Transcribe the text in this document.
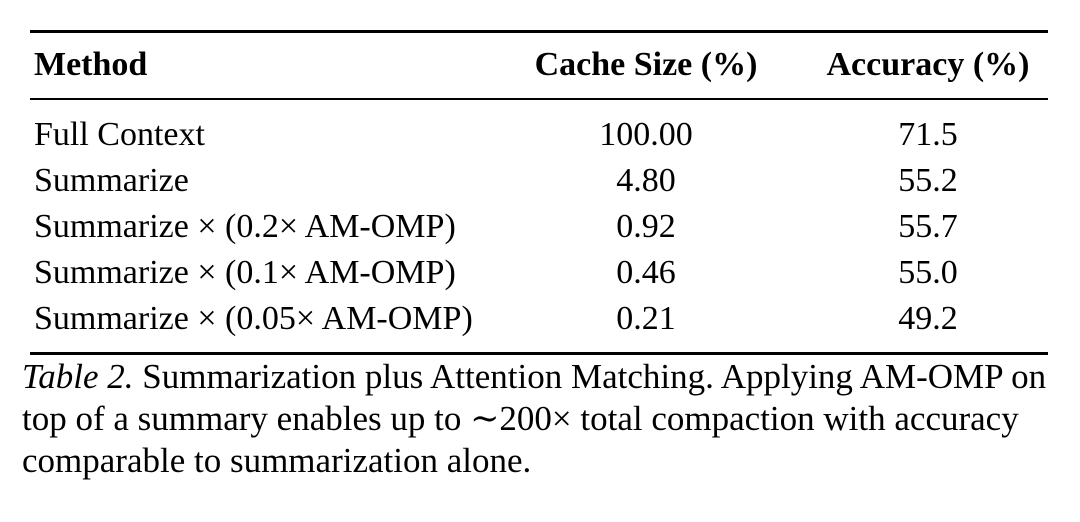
Method	Cache Size (%)	Accuracy (%)
Full Context	100.00	71.5
Summarize	4.80	55.2
Summarize × (0.2× AM-OMP)	0.92	55.7
Summarize × (0.1× AM-OMP)	0.46	55.0
Summarize × (0.05× AM-OMP)	0.21	49.2
Table 2. Summarization plus Attention Matching. Applying AM-OMP on top of a summary enables up to ∼200× total compaction with accuracy comparable to summarization alone.
